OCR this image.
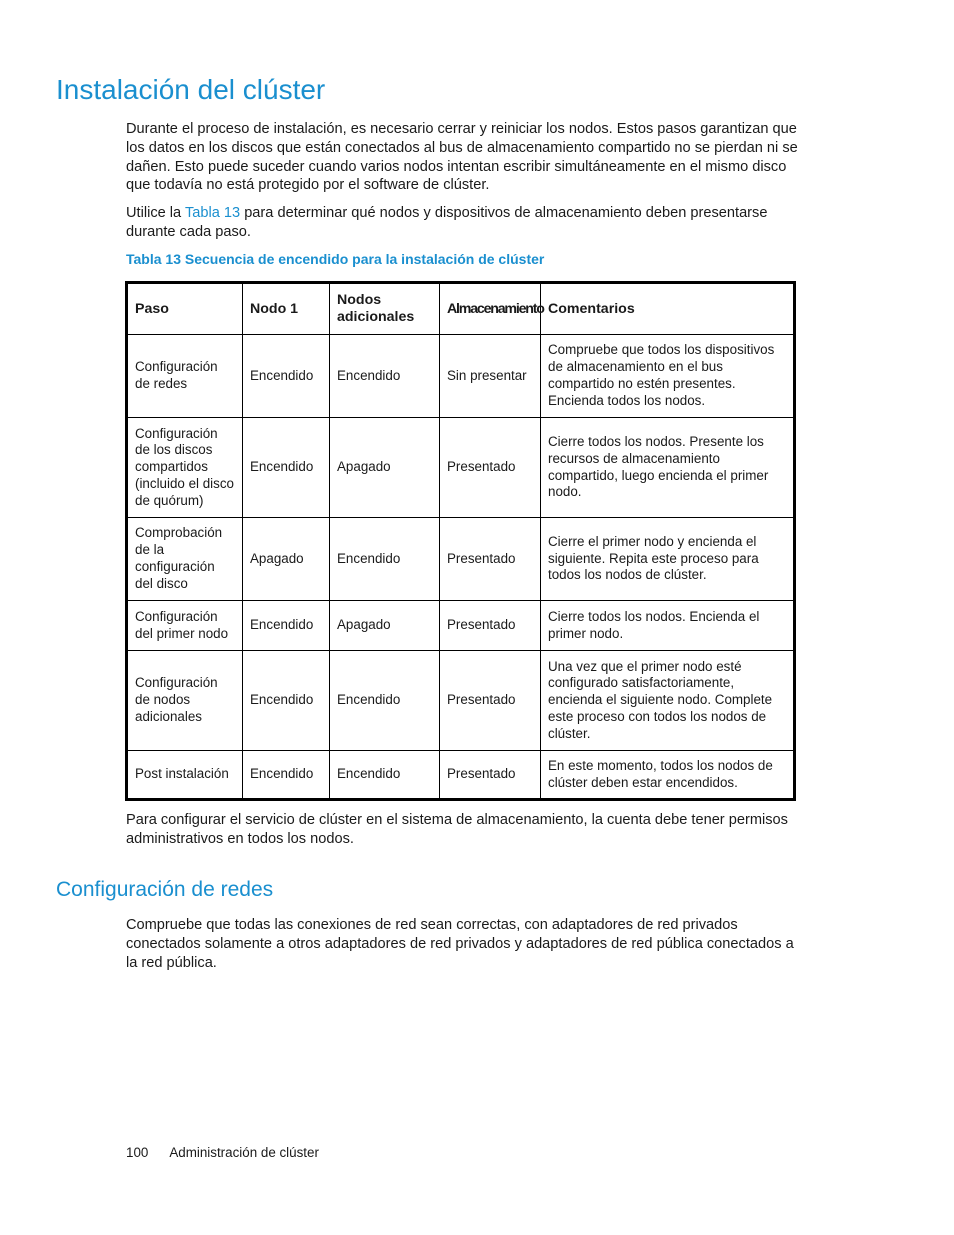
Instalación del clúster

Durante el proceso de instalación, es necesario cerrar y reiniciar los nodos. Estos pasos garantizan que los datos en los discos que están conectados al bus de almacenamiento compartido no se pierdan ni se dañen. Esto puede suceder cuando varios nodos intentan escribir simultáneamente en el mismo disco que todavía no está protegido por el software de clúster.

Utilice la Tabla 13 para determinar qué nodos y dispositivos de almacenamiento deben presentarse durante cada paso.

Tabla 13 Secuencia de encendido para la instalación de clúster
Paso	Nodo 1	Nodos adicionales	Almacenamiento	Comentarios
Configuración de redes	Encendido	Encendido	Sin presentar	Compruebe que todos los dispositivos de almacenamiento en el bus compartido no estén presentes. Encienda todos los nodos.
Configuración de los discos compartidos (incluido el disco de quórum)	Encendido	Apagado	Presentado	Cierre todos los nodos. Presente los recursos de almacenamiento compartido, luego encienda el primer nodo.
Comprobación de la configuración del disco	Apagado	Encendido	Presentado	Cierre el primer nodo y encienda el siguiente. Repita este proceso para todos los nodos de clúster.
Configuración del primer nodo	Encendido	Apagado	Presentado	Cierre todos los nodos. Encienda el primer nodo.
Configuración de nodos adicionales	Encendido	Encendido	Presentado	Una vez que el primer nodo esté configurado satisfactoriamente, encienda el siguiente nodo. Complete este proceso con todos los nodos de clúster.
Post instalación	Encendido	Encendido	Presentado	En este momento, todos los nodos de clúster deben estar encendidos.

Para configurar el servicio de clúster en el sistema de almacenamiento, la cuenta debe tener permisos administrativos en todos los nodos.

Configuración de redes

Compruebe que todas las conexiones de red sean correctas, con adaptadores de red privados conectados solamente a otros adaptadores de red privados y adaptadores de red pública conectados a la red pública.

100 Administración de clúster
